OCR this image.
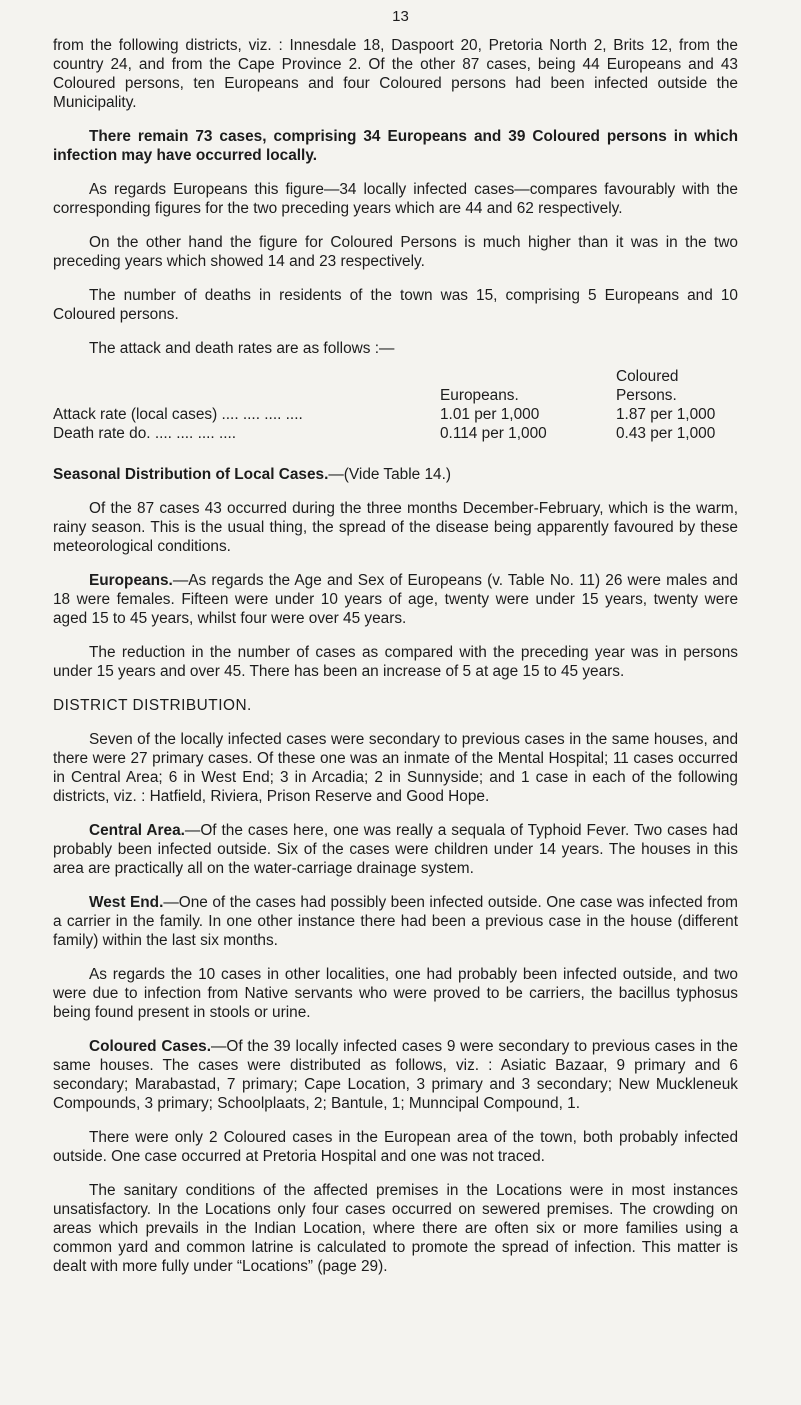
13

from the following districts, viz. : Innesdale 18, Daspoort 20, Pretoria North 2, Brits 12, from the country 24, and from the Cape Province 2. Of the other 87 cases, being 44 Europeans and 43 Coloured persons, ten Europeans and four Coloured persons had been infected outside the Municipality.

There remain 73 cases, comprising 34 Europeans and 39 Coloured persons in which infection may have occurred locally.

As regards Europeans this figure—34 locally infected cases—compares favourably with the corresponding figures for the two preceding years which are 44 and 62 respectively.

On the other hand the figure for Coloured Persons is much higher than it was in the two preceding years which showed 14 and 23 respectively.

The number of deaths in residents of the town was 15, comprising 5 Europeans and 10 Coloured persons.

The attack and death rates are as follows :—

Coloured
Europeans.	Persons.
Attack rate (local cases) .... .... .... ....	1.01 per 1,000	1.87 per 1,000
Death rate do. .... .... .... ....	0.114 per 1,000	0.43 per 1,000

Seasonal Distribution of Local Cases.—(Vide Table 14.)

Of the 87 cases 43 occurred during the three months December-February, which is the warm, rainy season. This is the usual thing, the spread of the disease being apparently favoured by these meteorological conditions.

Europeans.—As regards the Age and Sex of Europeans (v. Table No. 11) 26 were males and 18 were females. Fifteen were under 10 years of age, twenty were under 15 years, twenty were aged 15 to 45 years, whilst four were over 45 years.

The reduction in the number of cases as compared with the preceding year was in persons under 15 years and over 45. There has been an increase of 5 at age 15 to 45 years.

DISTRICT DISTRIBUTION.

Seven of the locally infected cases were secondary to previous cases in the same houses, and there were 27 primary cases. Of these one was an inmate of the Mental Hospital; 11 cases occurred in Central Area; 6 in West End; 3 in Arcadia; 2 in Sunnyside; and 1 case in each of the following districts, viz. : Hatfield, Riviera, Prison Reserve and Good Hope.

Central Area.—Of the cases here, one was really a sequala of Typhoid Fever. Two cases had probably been infected outside. Six of the cases were children under 14 years. The houses in this area are practically all on the water-carriage drainage system.

West End.—One of the cases had possibly been infected outside. One case was infected from a carrier in the family. In one other instance there had been a previous case in the house (different family) within the last six months.

As regards the 10 cases in other localities, one had probably been infected outside, and two were due to infection from Native servants who were proved to be carriers, the bacillus typhosus being found present in stools or urine.

Coloured Cases.—Of the 39 locally infected cases 9 were secondary to previous cases in the same houses. The cases were distributed as follows, viz. : Asiatic Bazaar, 9 primary and 6 secondary; Marabastad, 7 primary; Cape Location, 3 primary and 3 secondary; New Muckleneuk Compounds, 3 primary; Schoolplaats, 2; Bantule, 1; Munncipal Compound, 1.

There were only 2 Coloured cases in the European area of the town, both probably infected outside. One case occurred at Pretoria Hospital and one was not traced.

The sanitary conditions of the affected premises in the Locations were in most instances unsatisfactory. In the Locations only four cases occurred on sewered premises. The crowding on areas which prevails in the Indian Location, where there are often six or more families using a common yard and common latrine is calculated to promote the spread of infection. This matter is dealt with more fully under “Locations” (page 29).
